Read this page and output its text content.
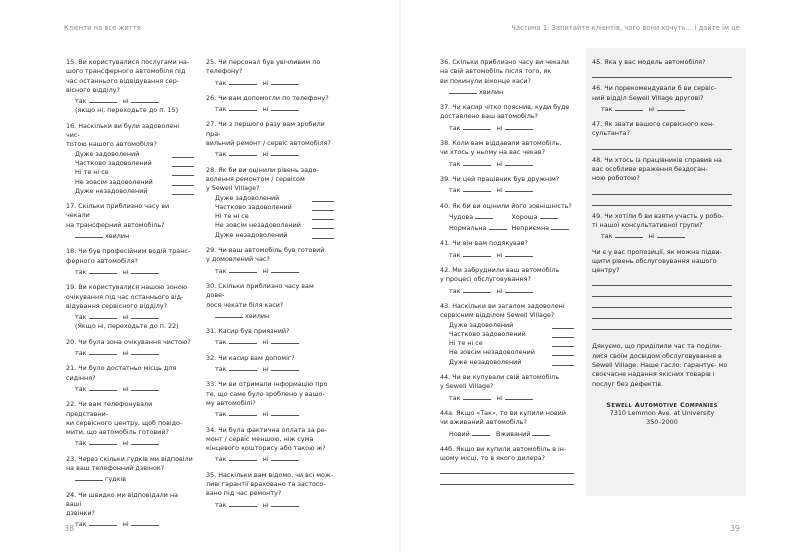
Клієнти на все життя
15. Ви користувалися послугами на-
шого трансферного автомобіля під
час останнього відвідування сер-
вісного відділу?
так	ні
(якщо ні, переходьте до п. 15)
16. Наскільки ви були задоволені чис-
тотою нашого автомобіля?
Дуже задоволений
Частково задоволений
Ні те ні се
Не зовсім задоволений
Дуже незадоволений
17. Скільки приблизно часу ви чекали
на трансферний автомобіль?
хвилин
18. Чи був професійним водій транс-
ферного автомобіля?
так	ні
19. Ви користувалися нашою зоною
очікування під час останнього від-
відування сервісного відділу?
так	ні
(Якщо ні, переходьте до п. 22)
20. Чи була зона очікування чистою?
так	ні
21. Чи було достатньо місць для сидіння?
так	ні
22. Чи вам телефонували представни-
ки сервісного центру, щоб повідо-
мити, що автомобіль готовий?
так	ні
23. Через скільки гудків ми відповіли
на ваш телефонний дзвінок?
гудків
24. Чи швидко ми відповідали на ваші
дзвінки?
так	ні
25. Чи персонал був увічливим по
телефону?
так	ні
26. Чи вам допомогли по телефону?
так	ні
27. Чи з першого разу вам зробили пра-
вильний ремонт / сервіс автомобіля?
так	ні
28. Як би ви оцінили рівень задо-
волення ремонтом / сервісом
у Sewell Village?
Дуже задоволений
Частково задоволений
Ні те ні се
Не зовсім незадоволений
Дуже незадоволений
29. Чи ваш автомобіль був готовий
у домовлений час?
так	ні
30. Скільки приблизно часу вам дове-
лося чекати біля каси?
хвилин
31. Касир був приязний?
так	ні
32. Чи касир вам допоміг?
так	ні
33. Чи ви отримали інформацію про
те, що саме було зроблено у вашо-
му автомобілі?
так	ні
34. Чи була фактична оплата за ре-
монт / сервіс меншою, ніж сума
кінцевого кошторису або такою ж?
так	ні
35. Наскільки вам відомо, чи всі мож-
ливі гарантії враховано та застосо-
вано під час ремонту?
так	ні
38
Частина 1. Запитайте клієнтів, чого вони хочуть… і дайте їм це
36. Скільки приблизно часу ви чекали
на свій автомобіль після того, як
ви покинули віконце каси?
хвилин
37. Чи касир чітко пояснив, куди буде
доставлено ваш автомобіль?
так	ні
38. Коли вам віддавали автомобіль,
чи хтось у ньому на вас чекав?
так	ні
39. Чи цей працівник був дружнім?
так	ні
40. Як би ви оцінили його зовнішність?
Чудова	Хороша
Нормальна	Неприємна
41. Чи він вам подякував?
так	ні
42. Ми забруднили ваш автомобіль
у процесі обслуговування?
так	ні
43. Наскільки ви загалом задоволені
сервісним відділом Sewell Village?
Дуже задоволений
Частково задоволений
Ні те ні се
Не зовсім незадоволений
Дуже незадоволений
44. Чи ви купували свій автомобіль
у Sewell Village?
так	ні
44а. Якщо «Так», то ви купили новий
чи вживаний автомобіль?
Новий	Вживаний
44б. Якщо ви купили автомобіль в ін-
шому місці, то в якого дилера?
45. Яка у вас модель автомобіля?
46. Чи порекомендували б ви сервіс-
ний відділ Sewell Village другові?
так	ні
47. Як звати вашого сервісного кон-
сультанта?
48. Чи хтось із працівників справив на
вас особливе враження бездоган-
ною роботою?
49. Чи хотіли б ви взяти участь у робо-
ті нашої консультативної групи?
так	ні
Чи є у вас пропозиції, як можна підви-
щити рівень обслуговування нашого
центру?
Дякуємо, що приділили час та поділи- лися своїм досвідом обслуговування в Sewell Village. Наше гасло: гарантує- мо своєчасне надання якісних товарів і послуг без дефектів.
Sewell Automotive Companies
7310 Lemmon Ave. at University
350–2000
39
